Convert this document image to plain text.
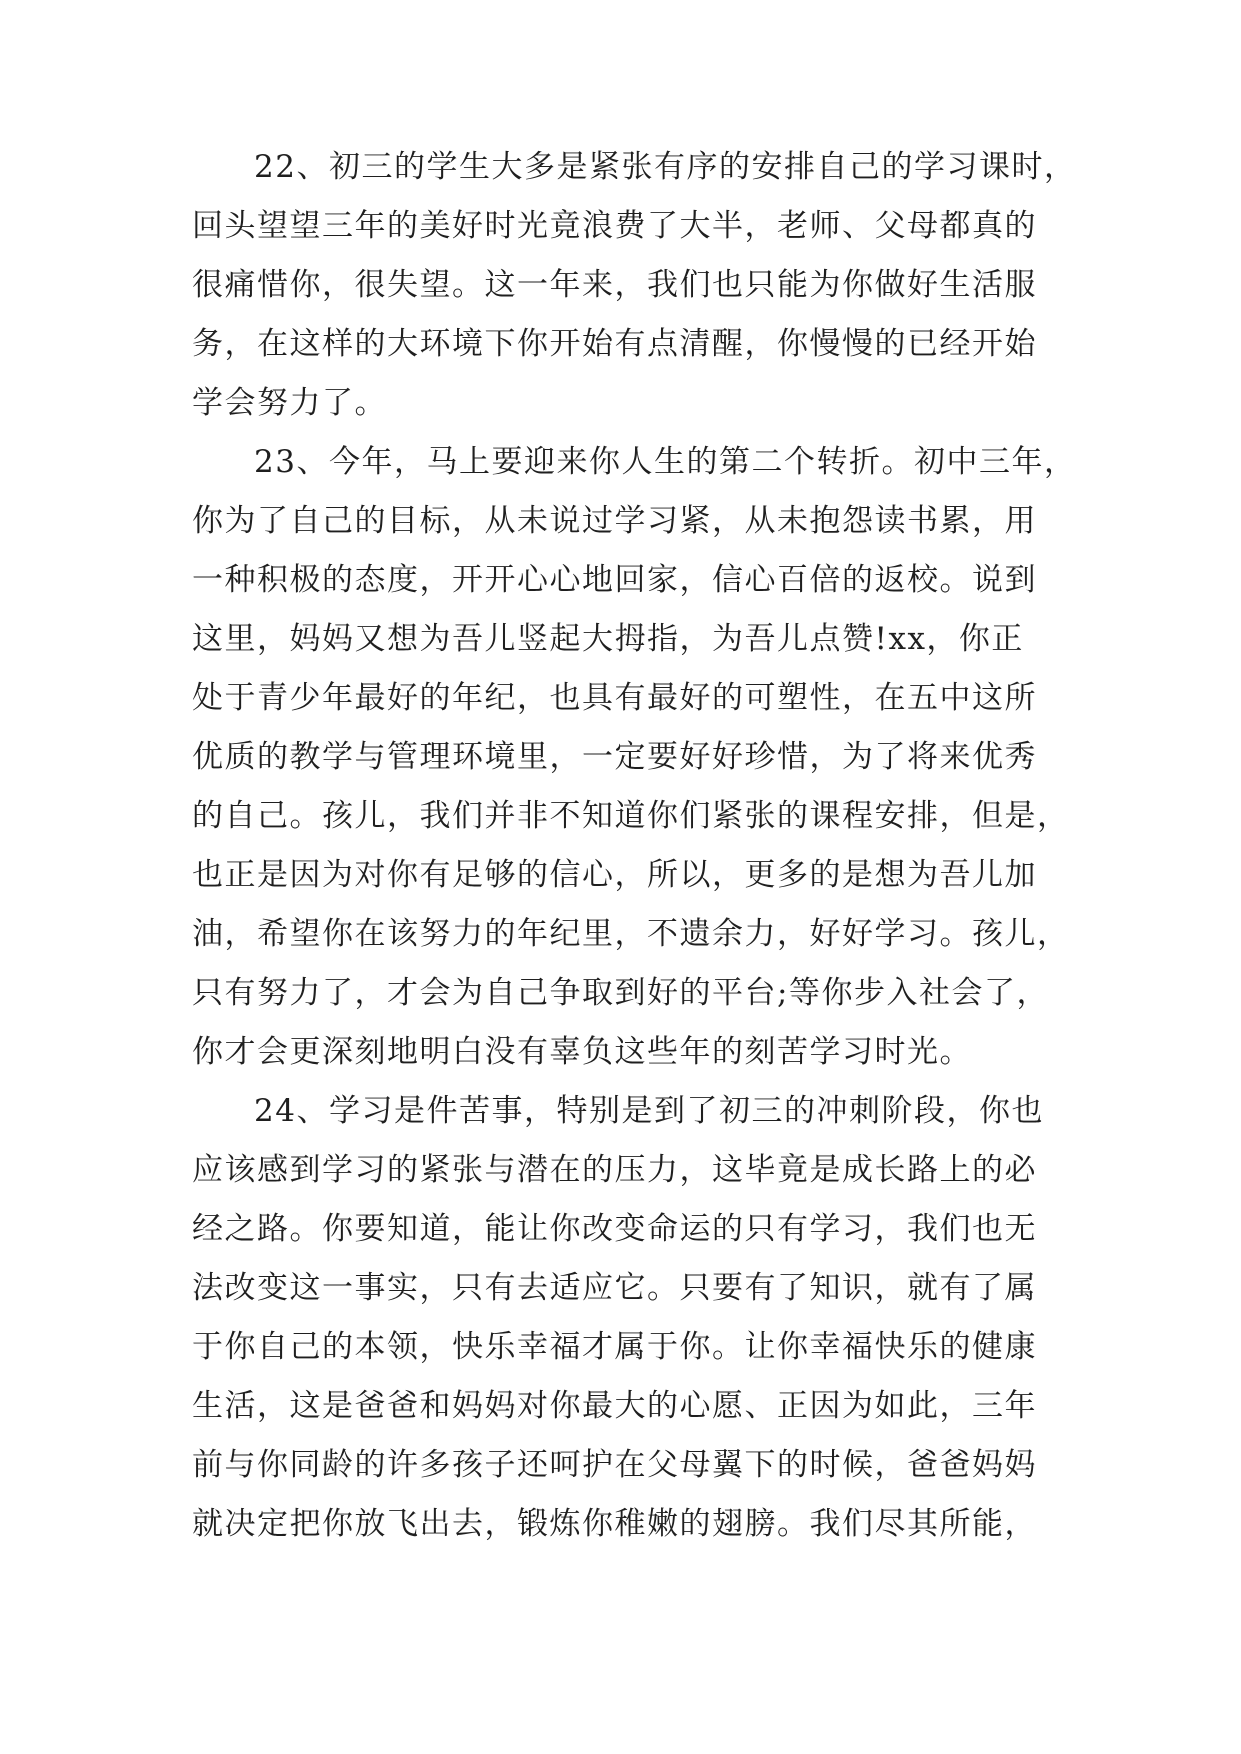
22、初三的学生大多是紧张有序的安排自己的学习课时，
回头望望三年的美好时光竟浪费了大半，老师、父母都真的
很痛惜你，很失望。这一年来，我们也只能为你做好生活服
务，在这样的大环境下你开始有点清醒，你慢慢的已经开始
学会努力了。

23、今年，马上要迎来你人生的第二个转折。初中三年，
你为了自己的目标，从未说过学习紧，从未抱怨读书累，用
一种积极的态度，开开心心地回家，信心百倍的返校。说到
这里，妈妈又想为吾儿竖起大拇指，为吾儿点赞!xx，你正
处于青少年最好的年纪，也具有最好的可塑性，在五中这所
优质的教学与管理环境里，一定要好好珍惜，为了将来优秀
的自己。孩儿，我们并非不知道你们紧张的课程安排，但是，
也正是因为对你有足够的信心，所以，更多的是想为吾儿加
油，希望你在该努力的年纪里，不遗余力，好好学习。孩儿，
只有努力了，才会为自己争取到好的平台;等你步入社会了，
你才会更深刻地明白没有辜负这些年的刻苦学习时光。

24、学习是件苦事，特别是到了初三的冲刺阶段，你也
应该感到学习的紧张与潜在的压力，这毕竟是成长路上的必
经之路。你要知道，能让你改变命运的只有学习，我们也无
法改变这一事实，只有去适应它。只要有了知识，就有了属
于你自己的本领，快乐幸福才属于你。让你幸福快乐的健康
生活，这是爸爸和妈妈对你最大的心愿、正因为如此，三年
前与你同龄的许多孩子还呵护在父母翼下的时候，爸爸妈妈
就决定把你放飞出去，锻炼你稚嫩的翅膀。我们尽其所能，
